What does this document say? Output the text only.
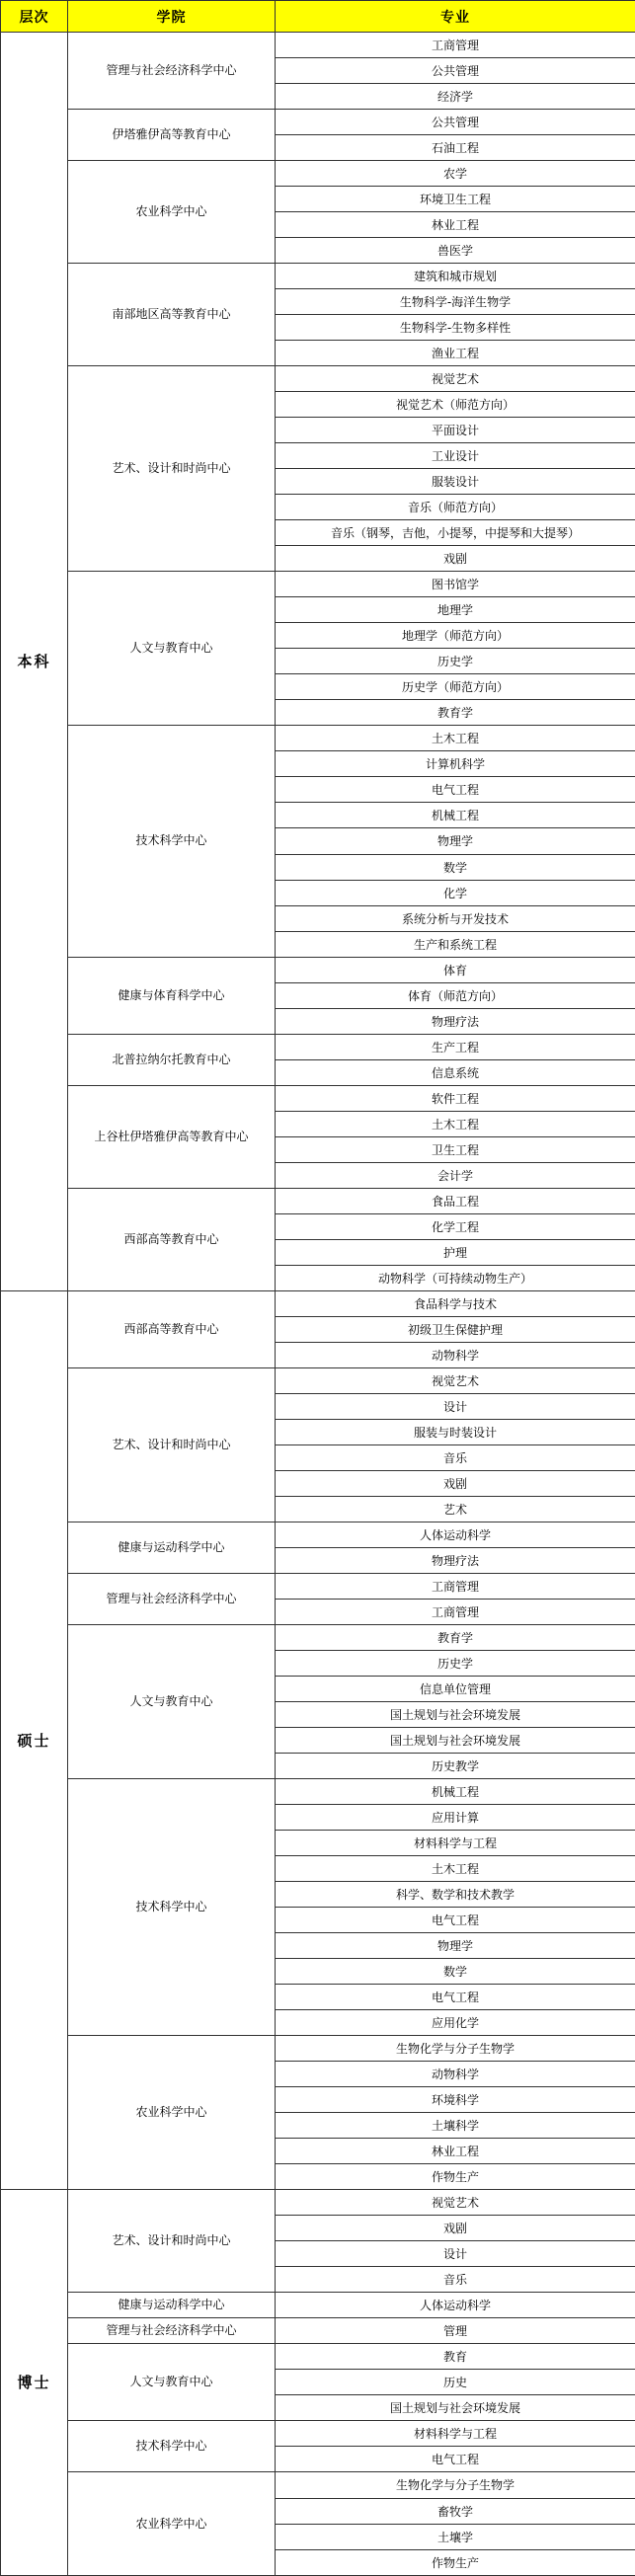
层次	学院	专业
本科	管理与社会经济科学中心	工商管理
		公共管理
		经济学
	伊塔雅伊高等教育中心	公共管理
		石油工程
	农业科学中心	农学
		环境卫生工程
		林业工程
		兽医学
	南部地区高等教育中心	建筑和城市规划
		生物科学-海洋生物学
		生物科学-生物多样性
		渔业工程
	艺术、设计和时尚中心	视觉艺术
		视觉艺术（师范方向）
		平面设计
		工业设计
		服装设计
		音乐（师范方向）
		音乐（钢琴，吉他，小提琴，中提琴和大提琴）
		戏剧
	人文与教育中心	图书馆学
		地理学
		地理学（师范方向）
		历史学
		历史学（师范方向）
		教育学
	技术科学中心	土木工程
		计算机科学
		电气工程
		机械工程
		物理学
		数学
		化学
		系统分析与开发技术
		生产和系统工程
	健康与体育科学中心	体育
		体育（师范方向）
		物理疗法
	北普拉纳尔托教育中心	生产工程
		信息系统
	上谷杜伊塔雅伊高等教育中心	软件工程
		土木工程
		卫生工程
		会计学
	西部高等教育中心	食品工程
		化学工程
		护理
		动物科学（可持续动物生产）
硕士	西部高等教育中心	食品科学与技术
		初级卫生保健护理
		动物科学
	艺术、设计和时尚中心	视觉艺术
		设计
		服装与时装设计
		音乐
		戏剧
		艺术
	健康与运动科学中心	人体运动科学
		物理疗法
	管理与社会经济科学中心	工商管理
		工商管理
	人文与教育中心	教育学
		历史学
		信息单位管理
		国土规划与社会环境发展
		国土规划与社会环境发展
		历史教学
	技术科学中心	机械工程
		应用计算
		材料科学与工程
		土木工程
		科学、数学和技术教学
		电气工程
		物理学
		数学
		电气工程
		应用化学
	农业科学中心	生物化学与分子生物学
		动物科学
		环境科学
		土壤科学
		林业工程
		作物生产
博士	艺术、设计和时尚中心	视觉艺术
		戏剧
		设计
		音乐
	健康与运动科学中心	人体运动科学
	管理与社会经济科学中心	管理
	人文与教育中心	教育
		历史
		国土规划与社会环境发展
	技术科学中心	材料科学与工程
		电气工程
	农业科学中心	生物化学与分子生物学
		畜牧学
		土壤学
		作物生产
